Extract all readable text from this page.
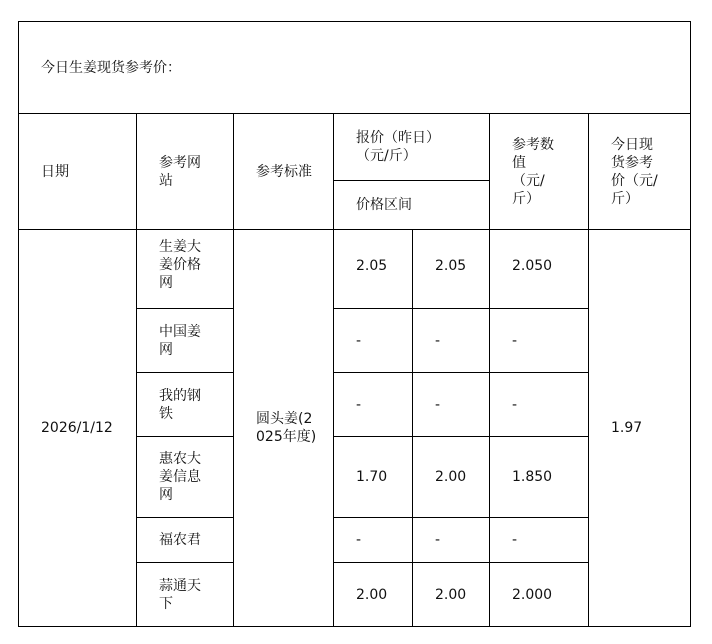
今日生姜现货参考价：						
日期	参考网站	参考标准	报价（昨日）（元/斤）		参考数值（元/斤）	今日现货参考价（元/斤）

			价格区间			
2026/1/12	生姜大姜价格网	圆头姜(2025年度)	2.05	2.05	2.050	1.97

	中国姜网		-	-	-	

	我的钢铁		-	-	-	

	惠农大姜信息网		1.70	2.00	1.850	

	福农君		-	-	-	

	蒜通天下		2.00	2.00	2.000	
